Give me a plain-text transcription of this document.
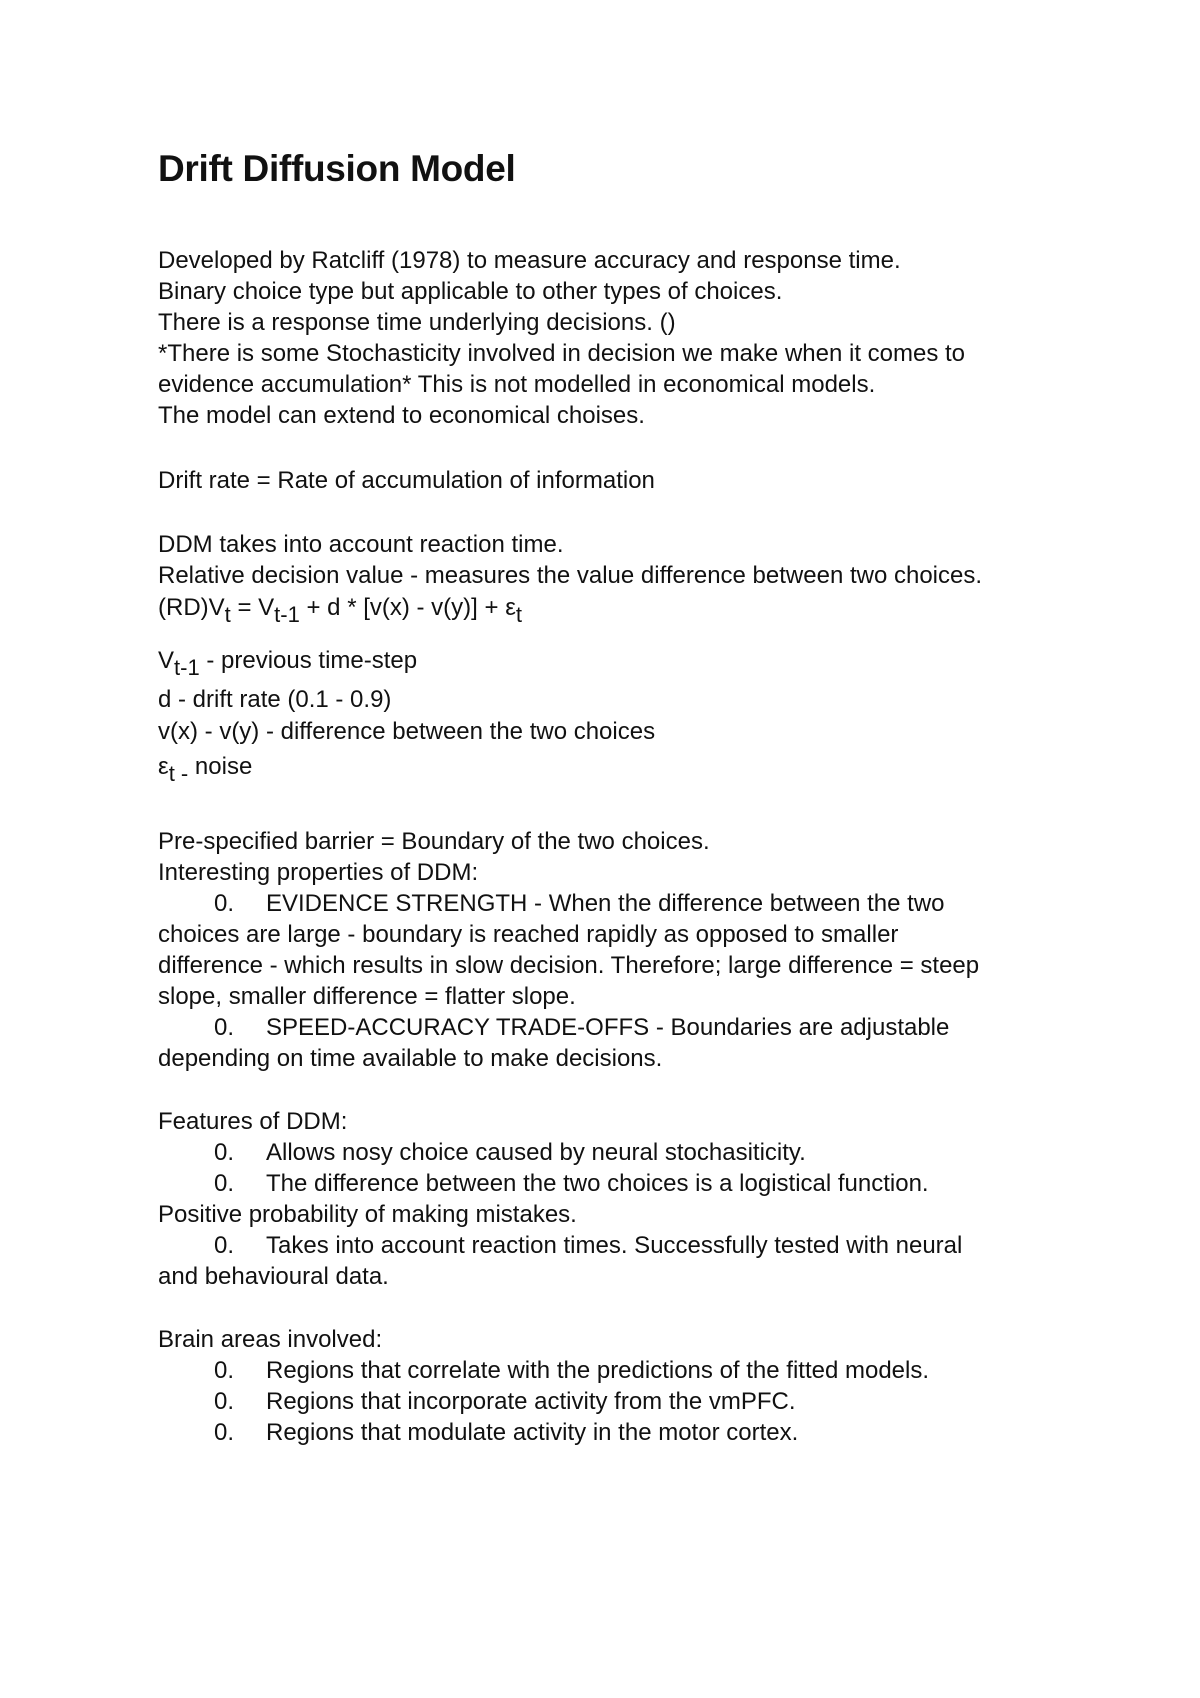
Drift Diffusion Model

Developed by Ratcliff (1978) to measure accuracy and response time.

Binary choice type but applicable to other types of choices.

There is a response time underlying decisions. ()

*There is some Stochasticity involved in decision we make when it comes to

evidence accumulation* This is not modelled in economical models.

The model can extend to economical choises.

Drift rate = Rate of accumulation of information

DDM takes into account reaction time.

Relative decision value - measures the value difference between two choices.

$(RD)V_t = V_{t-1} + d * [v(x) - v(y)] + \varepsilon_t$

$V_{t-1}$ - previous time-step

d - drift rate (0.1 - 0.9)

v(x) - v(y) - difference between the two choices

$\varepsilon_{t -}$ noise

Pre-specified barrier = Boundary of the two choices.

Interesting properties of DDM:

0. EVIDENCE STRENGTH - When the difference between the two

choices are large - boundary is reached rapidly as opposed to smaller

difference - which results in slow decision. Therefore; large difference = steep

slope, smaller difference = flatter slope.

0. SPEED-ACCURACY TRADE-OFFS - Boundaries are adjustable

depending on time available to make decisions.

Features of DDM:

0. Allows nosy choice caused by neural stochasiticity.

0. The difference between the two choices is a logistical function.

Positive probability of making mistakes.

0. Takes into account reaction times. Successfully tested with neural

and behavioural data.

Brain areas involved:

0. Regions that correlate with the predictions of the fitted models.

0. Regions that incorporate activity from the vmPFC.

0. Regions that modulate activity in the motor cortex.
